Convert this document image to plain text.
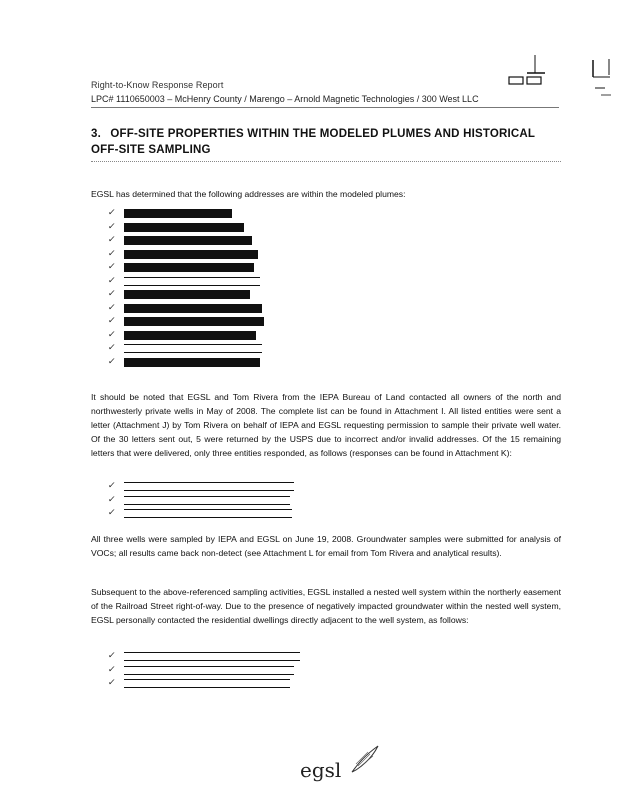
Right-to-Know Response Report
LPC# 1110650003 – McHenry County / Marengo – Arnold Magnetic Technologies / 300 West LLC
3. OFF-SITE PROPERTIES WITHIN THE MODELED PLUMES AND HISTORICAL OFF-SITE SAMPLING
EGSL has determined that the following addresses are within the modeled plumes:
✓
✓
✓
✓
✓
✓
✓
✓
✓
✓
✓
✓
It should be noted that EGSL and Tom Rivera from the IEPA Bureau of Land contacted all owners of the north and northwesterly private wells in May of 2008. The complete list can be found in Attachment I. All listed entities were sent a letter (Attachment J) by Tom Rivera on behalf of IEPA and EGSL requesting permission to sample their private well water. Of the 30 letters sent out, 5 were returned by the USPS due to incorrect and/or invalid addresses. Of the 15 remaining letters that were delivered, only three entities responded, as follows (responses can be found in Attachment K):
✓
✓
✓
All three wells were sampled by IEPA and EGSL on June 19, 2008. Groundwater samples were submitted for analysis of VOCs; all results came back non-detect (see Attachment L for email from Tom Rivera and analytical results).
Subsequent to the above-referenced sampling activities, EGSL installed a nested well system within the northerly easement of the Railroad Street right-of-way. Due to the presence of negatively impacted groundwater within the nested well system, EGSL personally contacted the residential dwellings directly adjacent to the well system, as follows:
✓
✓
✓
egsl
